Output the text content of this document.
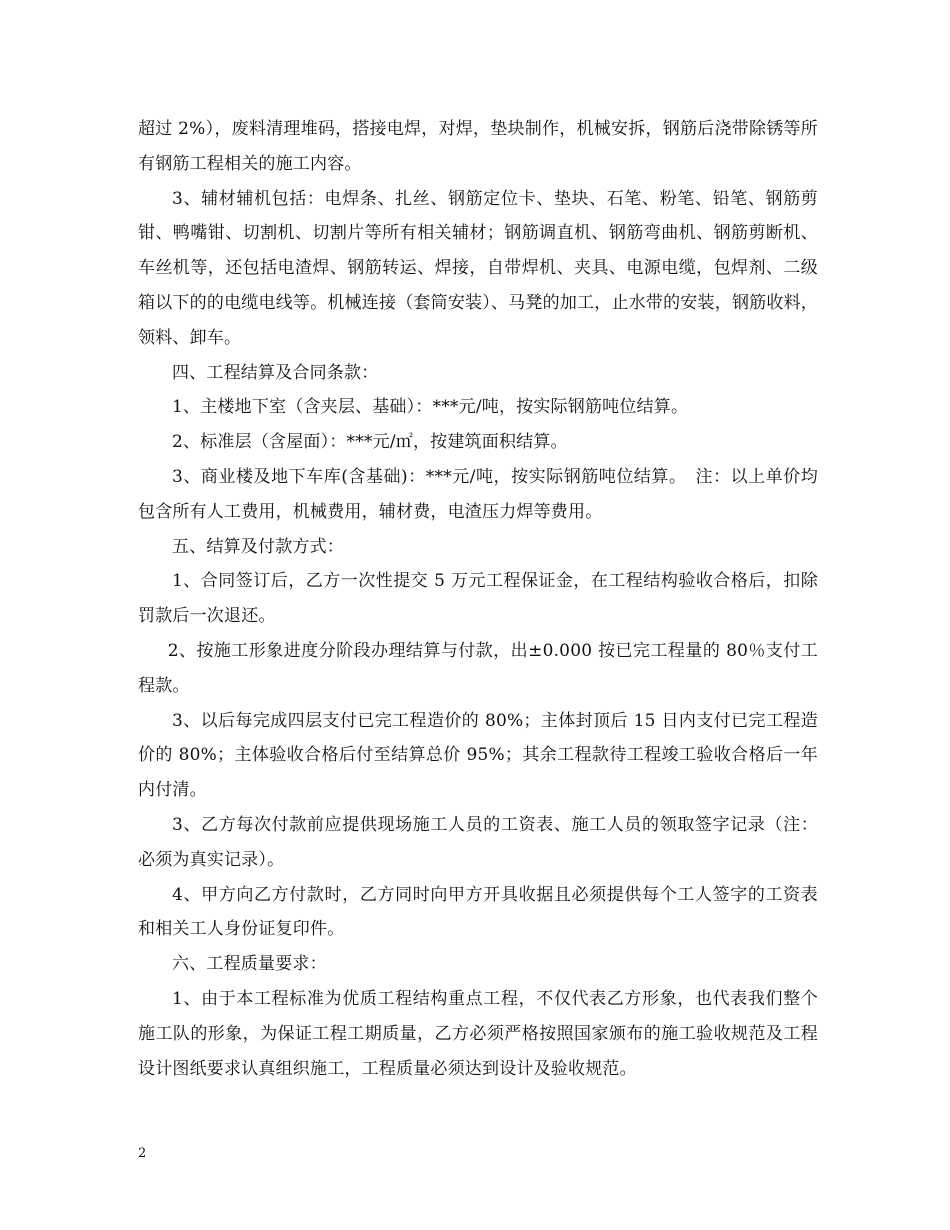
超过 2%），废料清理堆码，搭接电焊，对焊，垫块制作，机械安拆，钢筋后浇带除锈等所有钢筋工程相关的施工内容。

3、辅材辅机包括：电焊条、扎丝、钢筋定位卡、垫块、石笔、粉笔、铅笔、钢筋剪钳、鸭嘴钳、切割机、切割片等所有相关辅材；钢筋调直机、钢筋弯曲机、钢筋剪断机、车丝机等，还包括电渣焊、钢筋转运、焊接，自带焊机、夹具、电源电缆，包焊剂、二级箱以下的的电缆电线等。机械连接（套筒安装）、马凳的加工，止水带的安装，钢筋收料，领料、卸车。

四、工程结算及合同条款：

1、主楼地下室（含夹层、基础）：***元/吨，按实际钢筋吨位结算。

2、标准层（含屋面）：***元/㎡，按建筑面积结算。

3、商业楼及地下车库(含基础)：***元/吨，按实际钢筋吨位结算。　注：以上单价均包含所有人工费用，机械费用，辅材费，电渣压力焊等费用。

五、结算及付款方式：

1、合同签订后，乙方一次性提交 5 万元工程保证金，在工程结构验收合格后，扣除罚款后一次退还。

2、按施工形象进度分阶段办理结算与付款，出±0.000 按已完工程量的 80％支付工程款。

3、以后每完成四层支付已完工程造价的 80%；主体封顶后 15 日内支付已完工程造价的 80%；主体验收合格后付至结算总价 95%；其余工程款待工程竣工验收合格后一年内付清。

3、乙方每次付款前应提供现场施工人员的工资表、施工人员的领取签字记录（注：必须为真实记录）。

4、甲方向乙方付款时，乙方同时向甲方开具收据且必须提供每个工人签字的工资表和相关工人身份证复印件。

六、工程质量要求：

1、由于本工程标准为优质工程结构重点工程，不仅代表乙方形象，也代表我们整个施工队的形象，为保证工程工期质量，乙方必须严格按照国家颁布的施工验收规范及工程设计图纸要求认真组织施工，工程质量必须达到设计及验收规范。

2
